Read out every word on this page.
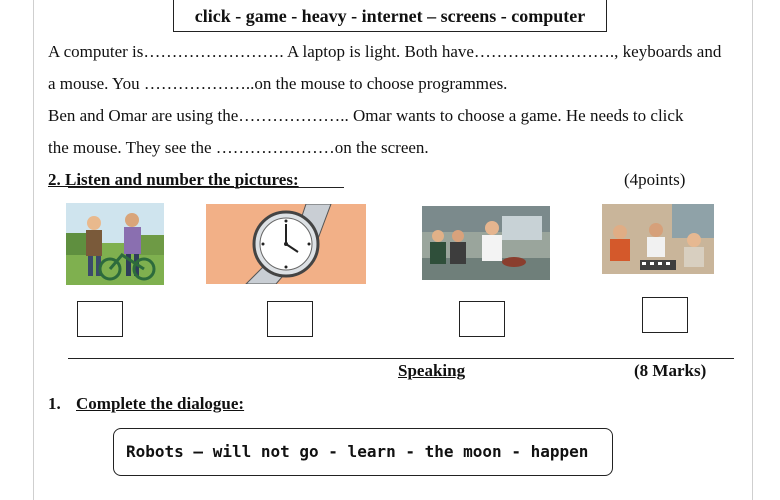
click - game - heavy - internet – screens - computer
A computer is……………………. A laptop is light. Both have……………………., keyboards and
a mouse. You ………………..on the mouse to choose programmes.
Ben and Omar are using the……………….. Omar wants to choose a game. He needs to click
the mouse. They see the …………………on the screen.
2. Listen and number the pictures:	(4points)
Speaking	(8 Marks)
1. Complete the dialogue:
Robots – will not go - learn - the moon - happen
